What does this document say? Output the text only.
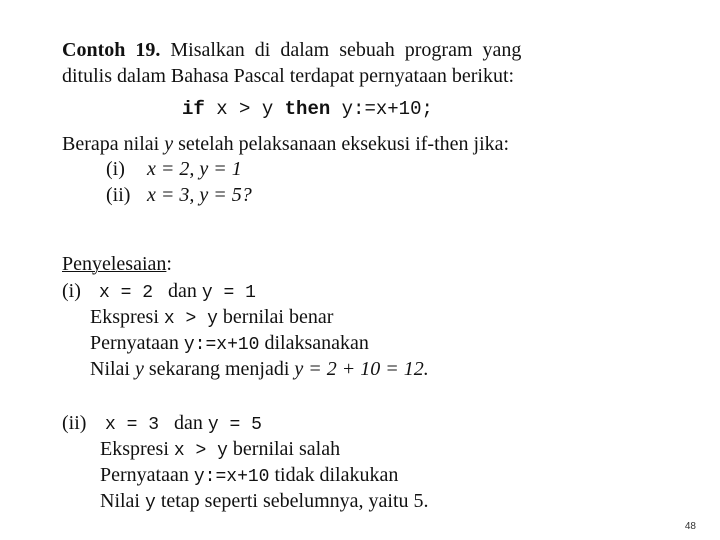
Contoh 19. Misalkan di dalam sebuah program yang
ditulis dalam Bahasa Pascal terdapat pernyataan berikut:
if x > y then y:=x+10;
Berapa nilai y setelah pelaksanaan eksekusi if-then jika:
(i) x = 2, y = 1
(ii) x = 3, y = 5?
Penyelesaian:
(i) x = 2 dan y = 1
Ekspresi x > y bernilai benar
Pernyataan y:=x+10 dilaksanakan
Nilai y sekarang menjadi y = 2 + 10 = 12.
(ii) x = 3 dan y = 5
Ekspresi x > y bernilai salah
Pernyataan y:=x+10 tidak dilakukan
Nilai y tetap seperti sebelumnya, yaitu 5.
48
